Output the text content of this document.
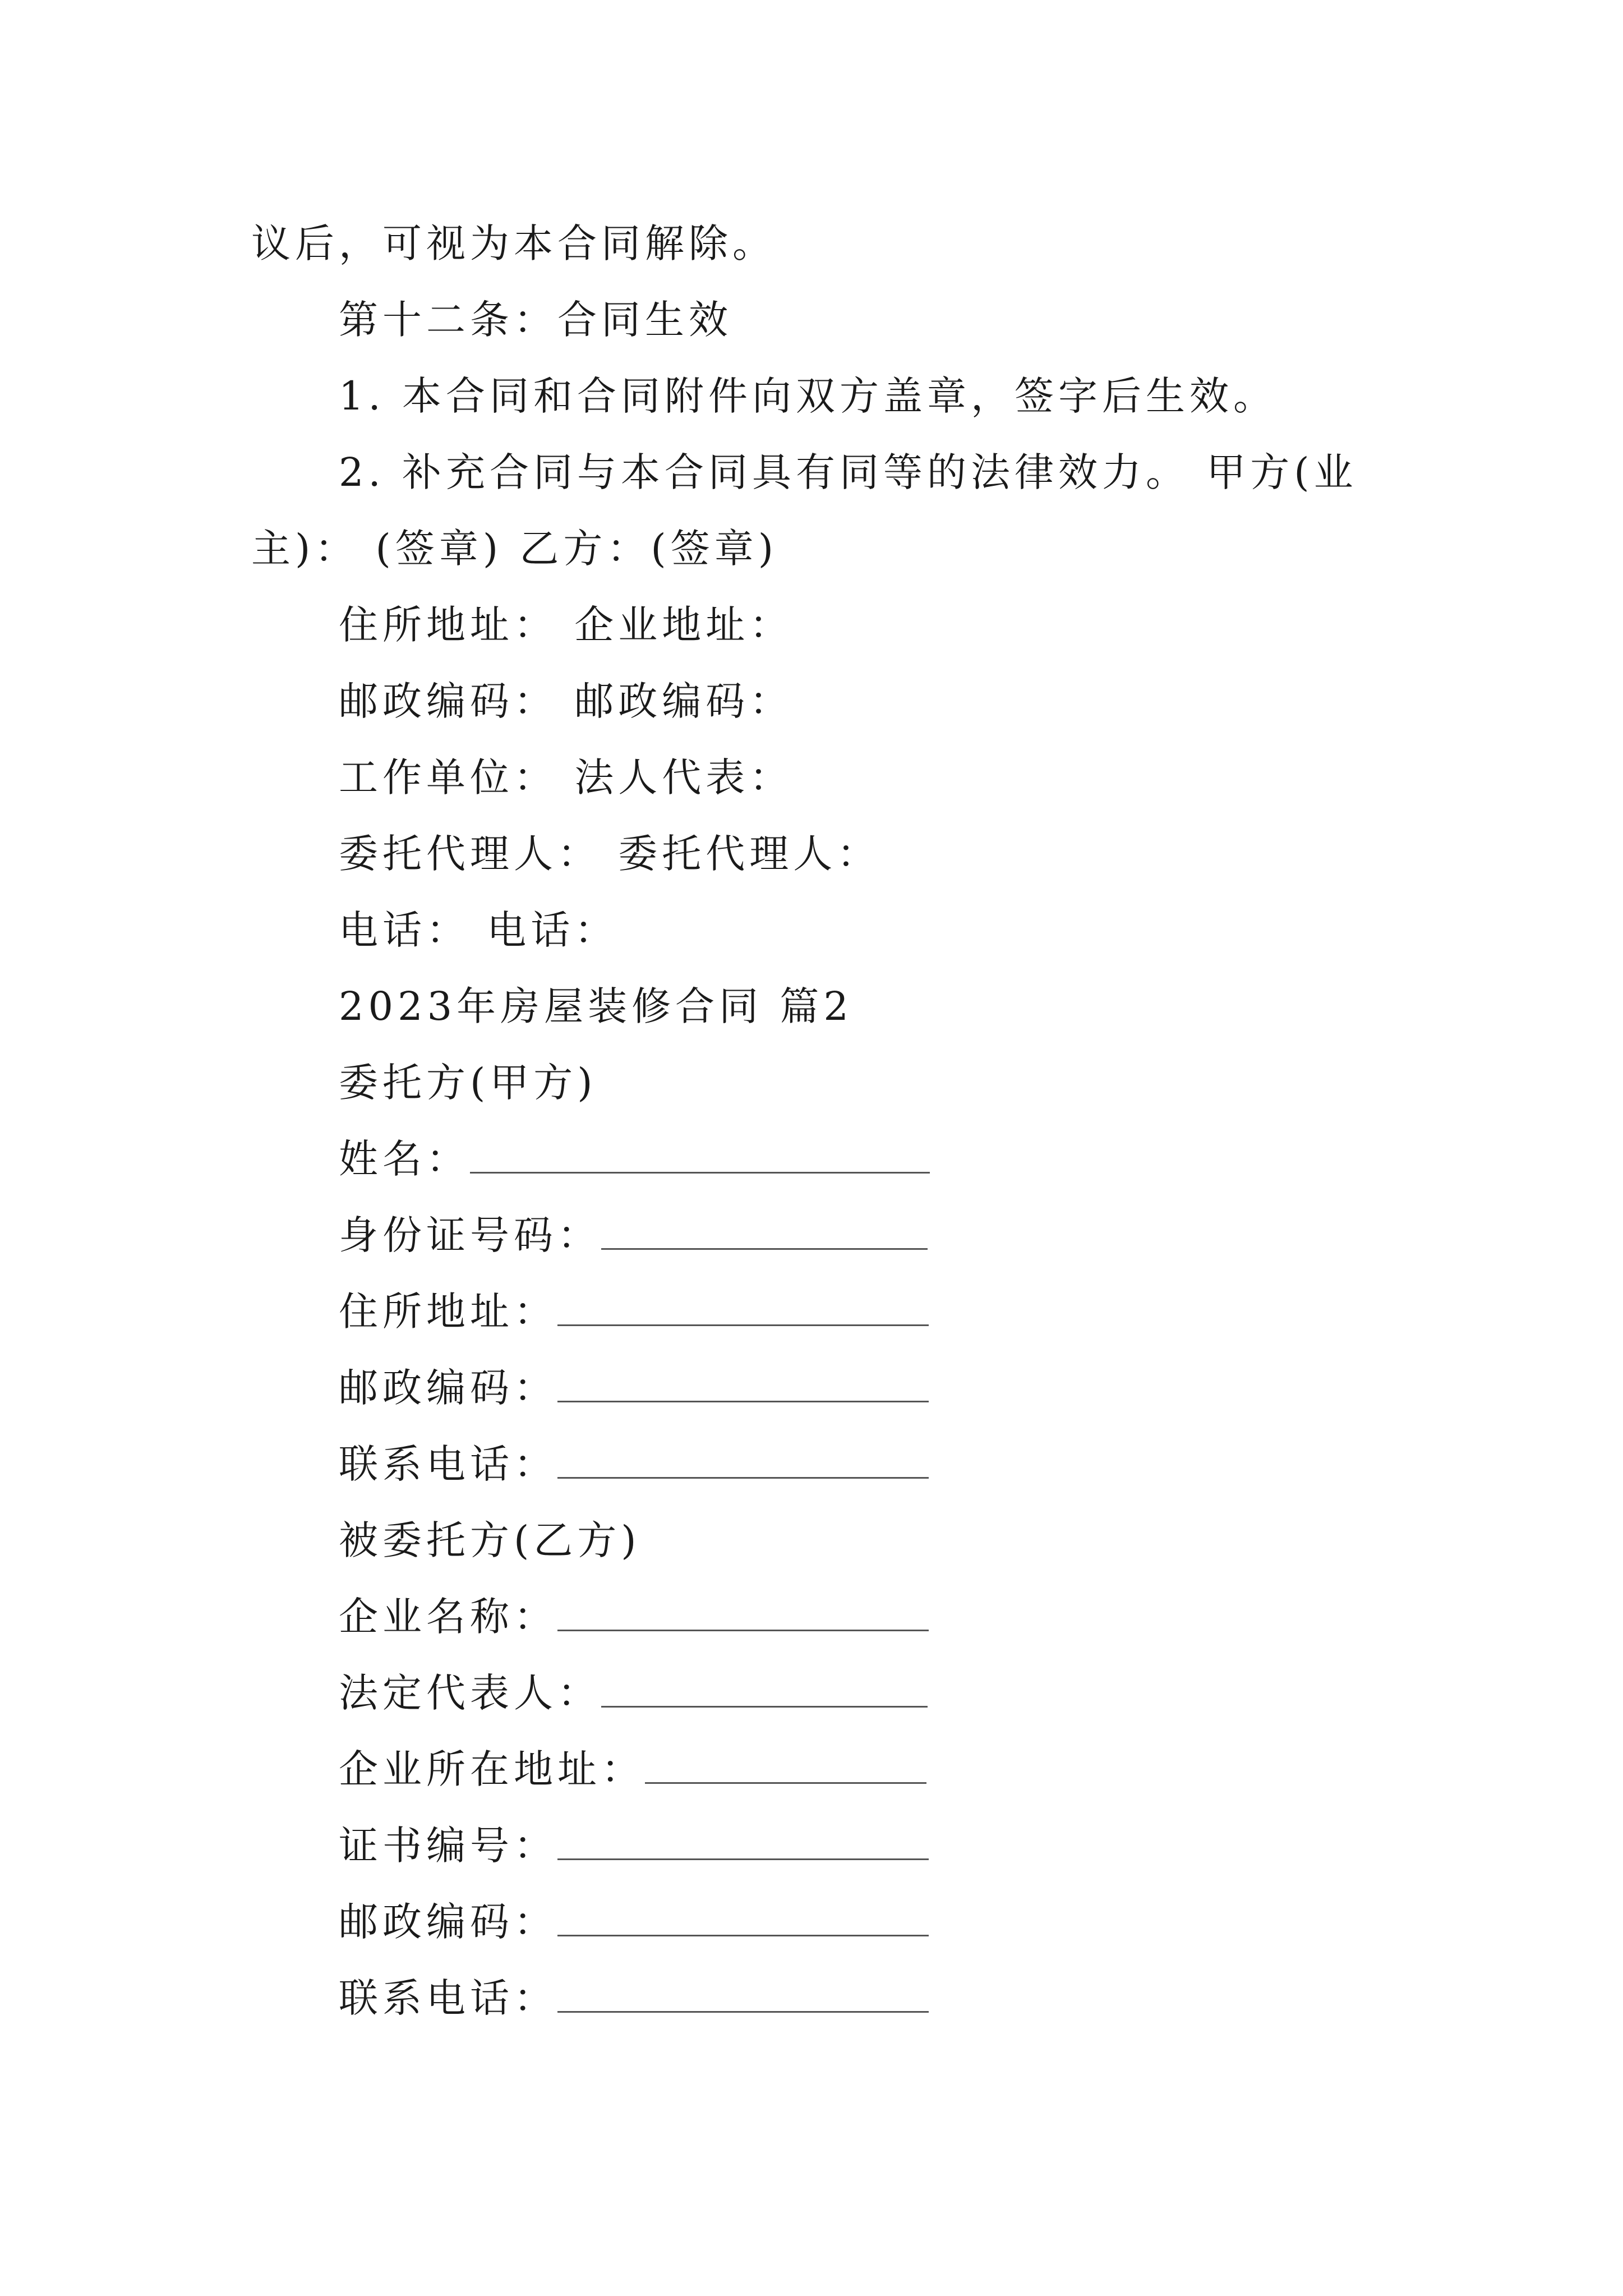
议后，可视为本合同解除。
第十二条：合同生效
1. 本合同和合同附件向双方盖章，签字后生效。
2. 补充合同与本合同具有同等的法律效力。 甲方(业
主)： (签章) 乙方：(签章)
住所地址： 企业地址：
邮政编码： 邮政编码：
工作单位： 法人代表：
委托代理人： 委托代理人：
电话： 电话：
2023年房屋装修合同 篇2
委托方(甲方)
姓名：
身份证号码：
住所地址：
邮政编码：
联系电话：
被委托方(乙方)
企业名称：
法定代表人：
企业所在地址：
证书编号：
邮政编码：
联系电话：
